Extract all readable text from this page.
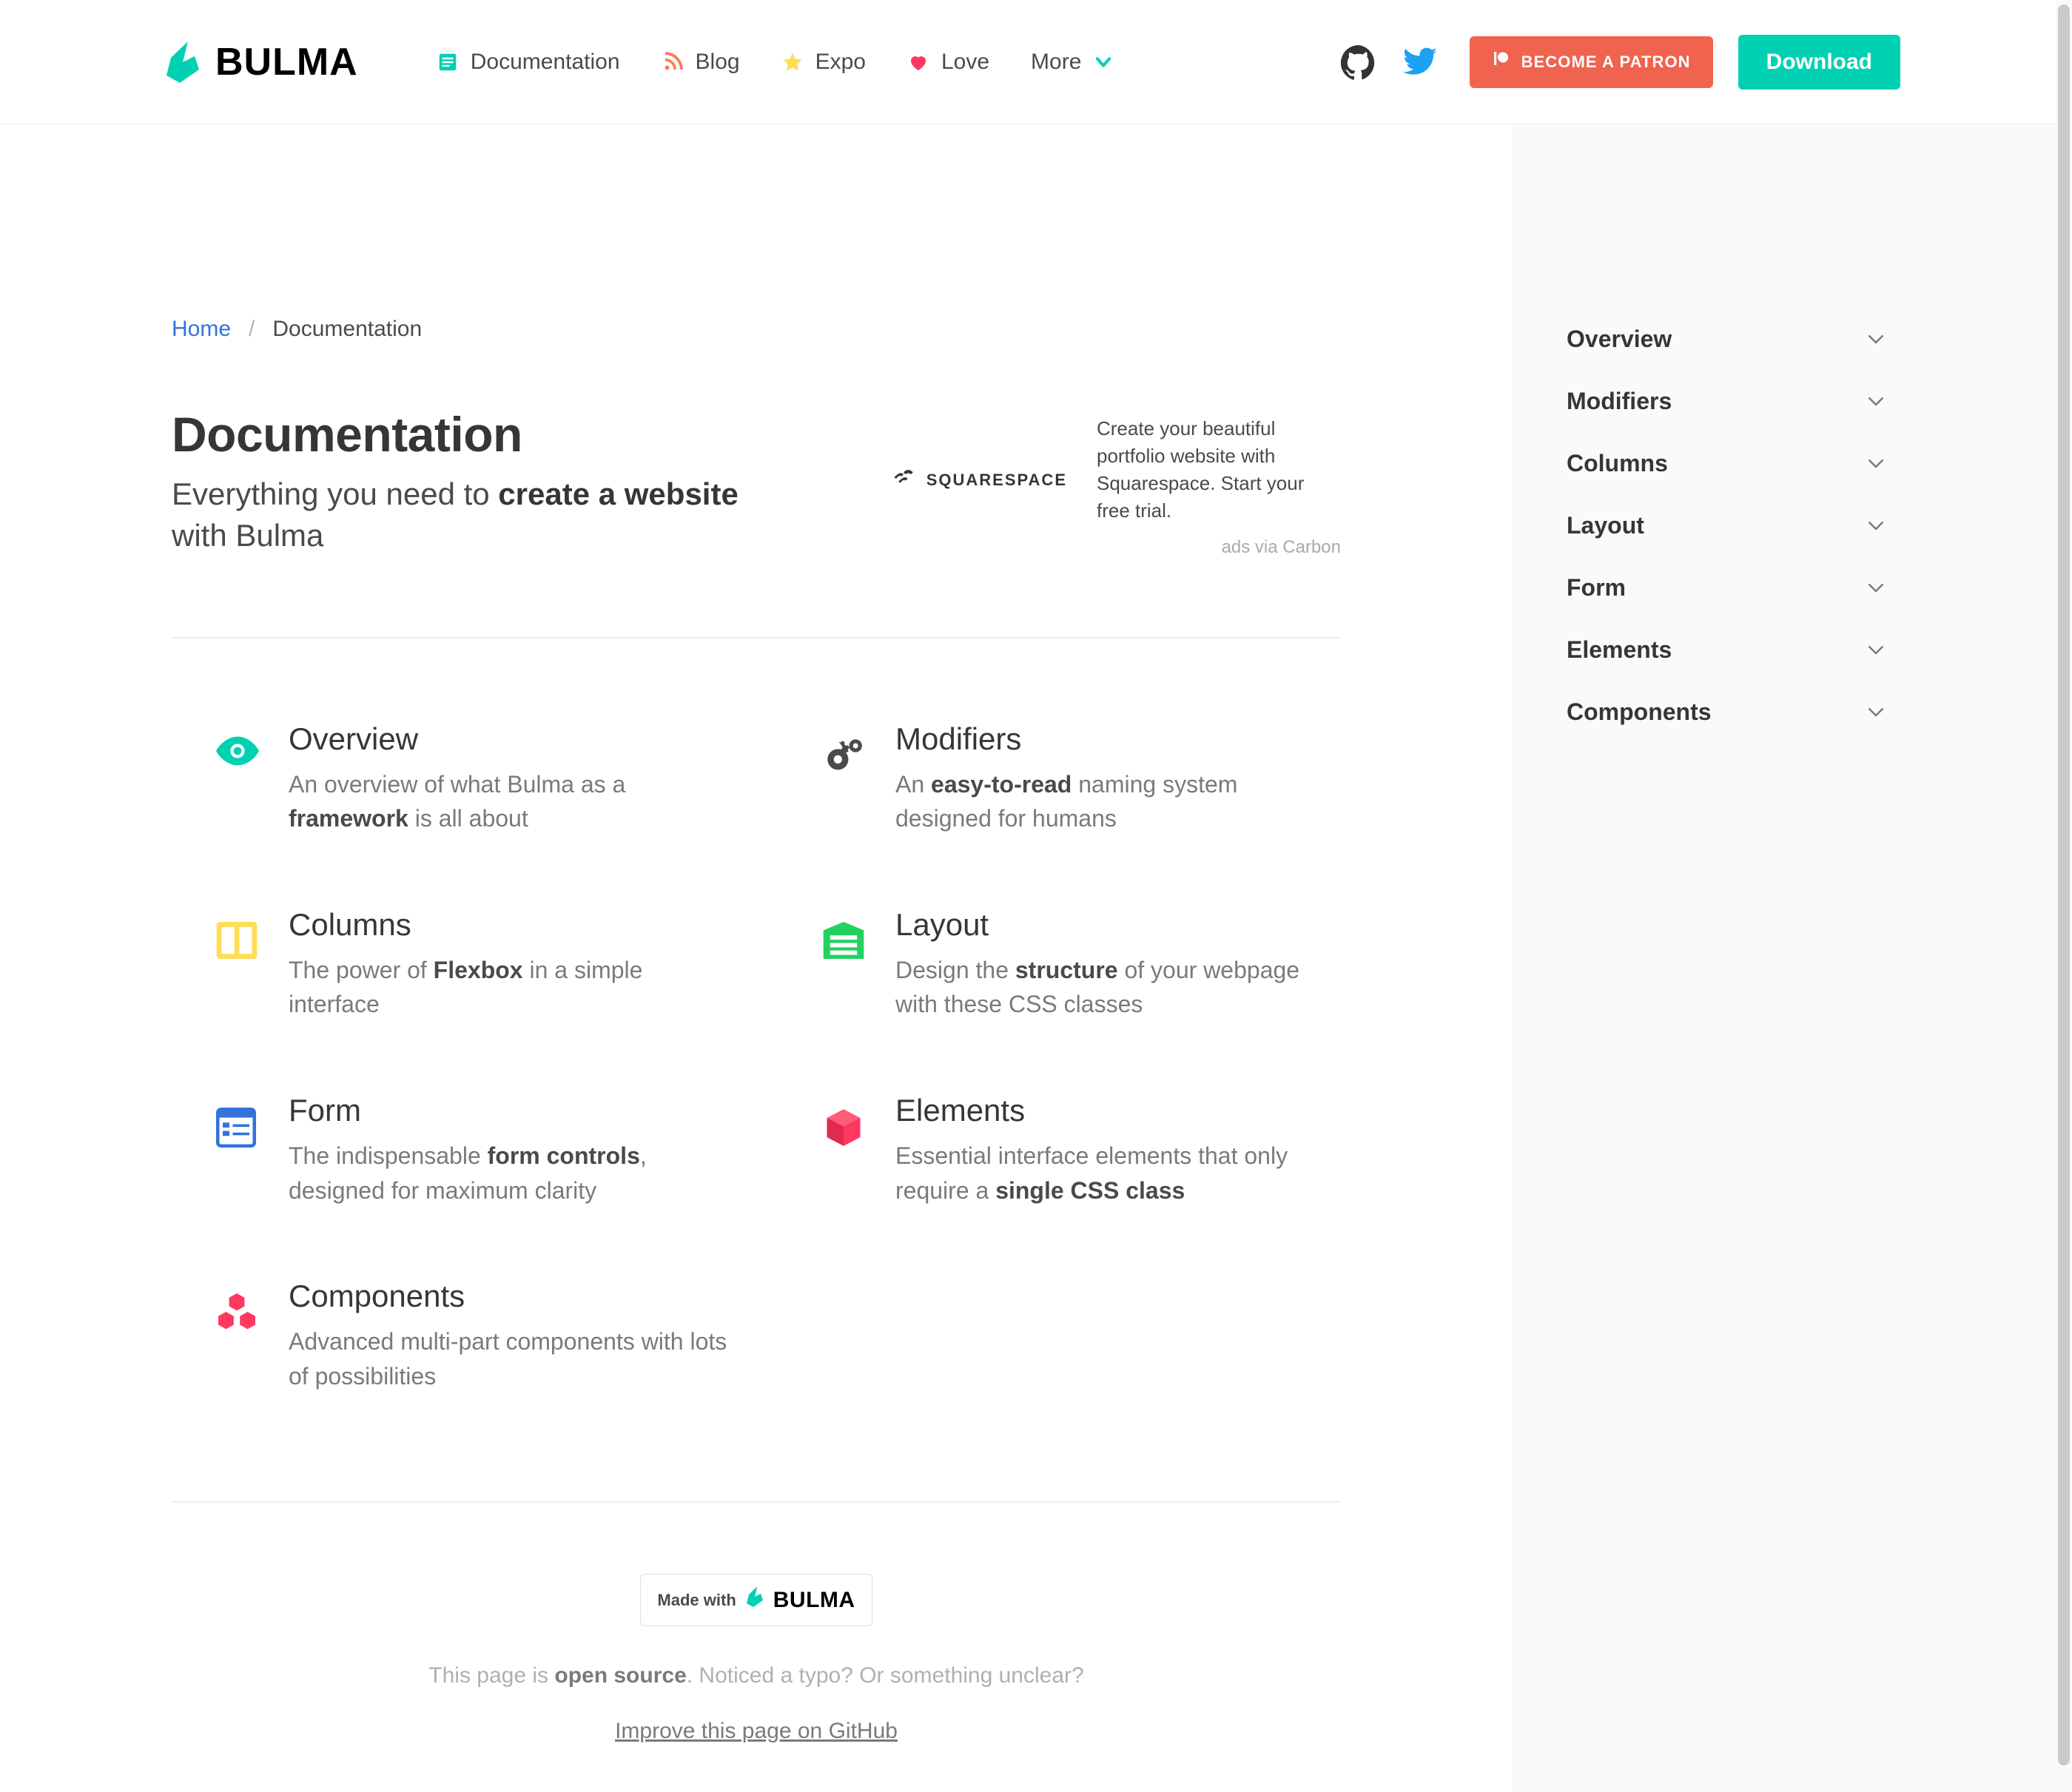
BULMA	Documentation	Blog	Expo	Love More	BECOME A PATRON	Download
Home / Documentation
Documentation
Everything you need to create a website with Bulma
SQUARESPACE
Create your beautiful portfolio website with Squarespace. Start your free trial.
ads via Carbon
Overview
An overview of what Bulma as a framework is all about
Modifiers
An easy-to-read naming system designed for humans
Columns
The power of Flexbox in a simple interface
Layout
Design the structure of your webpage with these CSS classes
Form
The indispensable form controls, designed for maximum clarity
Elements
Essential interface elements that only require a single CSS class
Components
Advanced multi-part components with lots of possibilities
Made with BULMA
This page is open source. Noticed a typo? Or something unclear?
Improve this page on GitHub
Overview
Modifiers
Columns
Layout
Form
Elements
Components
